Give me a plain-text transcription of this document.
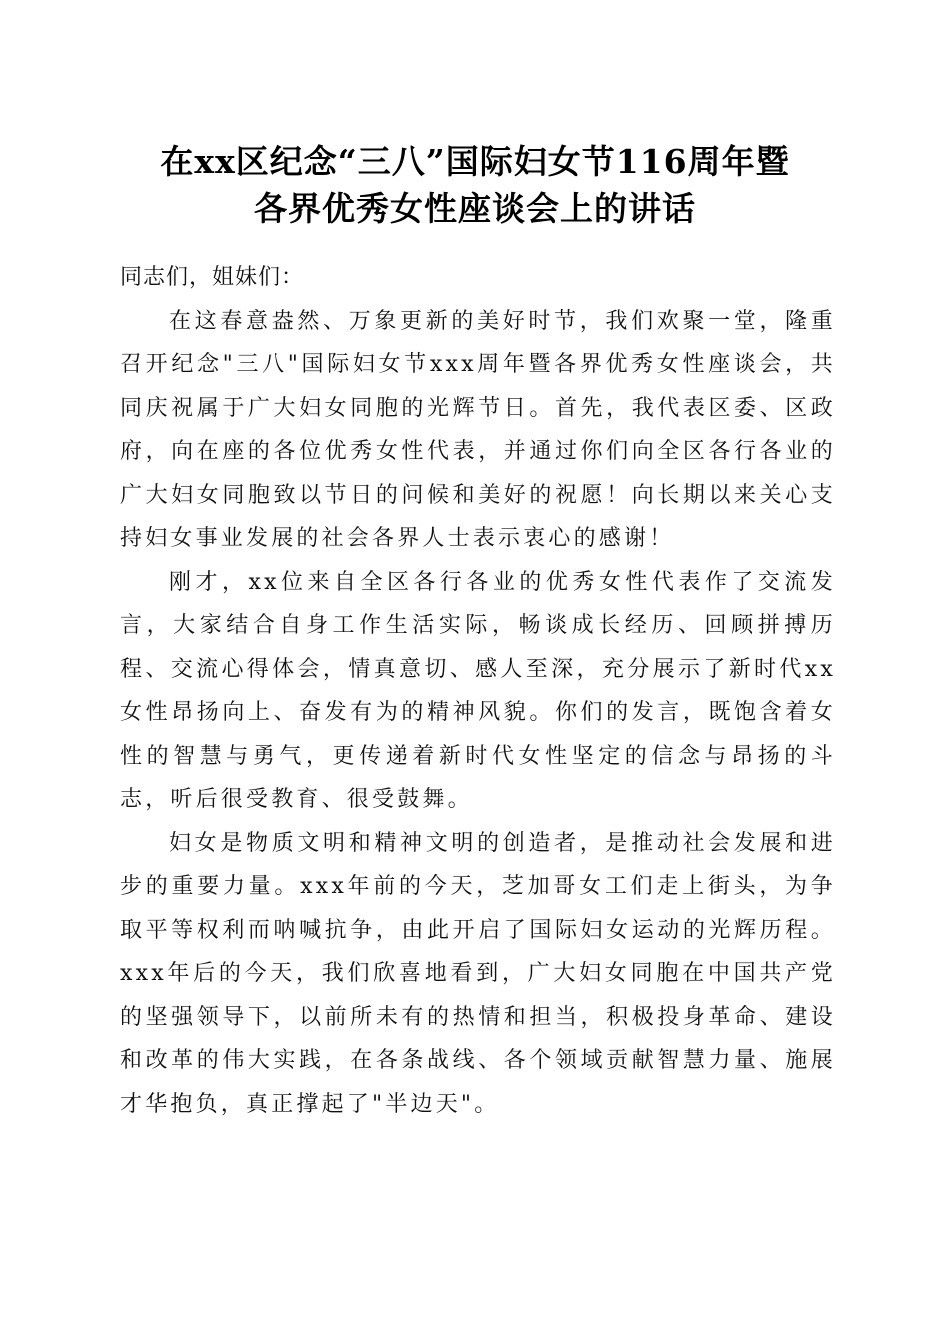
在xx区纪念“三八”国际妇女节116周年暨
各界优秀女性座谈会上的讲话

同志们，姐妹们：

在这春意盎然、万象更新的美好时节，我们欢聚一堂，隆重召开纪念"三八"国际妇女节xxx周年暨各界优秀女性座谈会，共同庆祝属于广大妇女同胞的光辉节日。首先，我代表区委、区政府，向在座的各位优秀女性代表，并通过你们向全区各行各业的广大妇女同胞致以节日的问候和美好的祝愿！向长期以来关心支持妇女事业发展的社会各界人士表示衷心的感谢！

刚才，xx位来自全区各行各业的优秀女性代表作了交流发言，大家结合自身工作生活实际，畅谈成长经历、回顾拼搏历程、交流心得体会，情真意切、感人至深，充分展示了新时代xx女性昂扬向上、奋发有为的精神风貌。你们的发言，既饱含着女性的智慧与勇气，更传递着新时代女性坚定的信念与昂扬的斗志，听后很受教育、很受鼓舞。

妇女是物质文明和精神文明的创造者，是推动社会发展和进步的重要力量。xxx年前的今天，芝加哥女工们走上街头，为争取平等权利而呐喊抗争，由此开启了国际妇女运动的光辉历程。xxx年后的今天，我们欣喜地看到，广大妇女同胞在中国共产党的坚强领导下，以前所未有的热情和担当，积极投身革命、建设和改革的伟大实践，在各条战线、各个领域贡献智慧力量、施展才华抱负，真正撑起了"半边天"。
